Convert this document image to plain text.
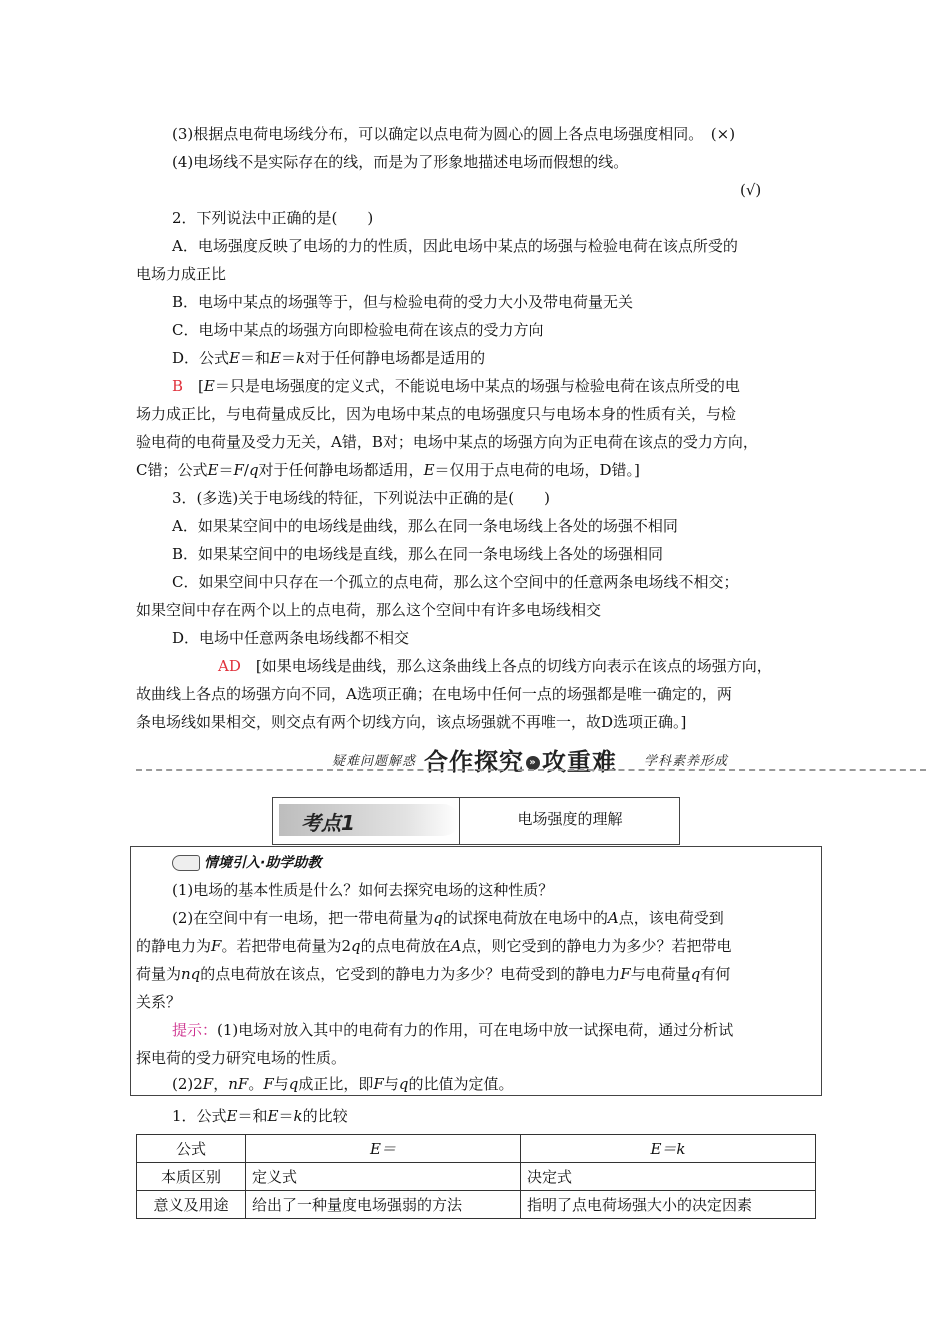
(3)根据点电荷电场线分布，可以确定以点电荷为圆心的圆上各点电场强度相同。　 (×)
(4)电场线不是实际存在的线，而是为了形象地描述电场而假想的线。
(√)
2．下列说法中正确的是(　　)
A．电场强度反映了电场的力的性质，因此电场中某点的场强与检验电荷在该点所受的
电场力成正比
B．电场中某点的场强等于，但与检验电荷的受力大小及带电荷量无关
C．电场中某点的场强方向即检验电荷在该点的受力方向
D．公式E＝和E＝k对于任何静电场都是适用的
B　 [E＝只是电场强度的定义式，不能说电场中某点的场强与检验电荷在该点所受的电
场力成正比，与电荷量成反比，因为电场中某点的电场强度只与电场本身的性质有关，与检
验电荷的电荷量及受力无关，A错，B对；电场中某点的场强方向为正电荷在该点的受力方向，
C错；公式E＝F/q对于任何静电场都适用，E＝仅用于点电荷的电场，D错。]
3．(多选)关于电场线的特征，下列说法中正确的是(　　)
A．如果某空间中的电场线是曲线，那么在同一条电场线上各处的场强不相同
B．如果某空间中的电场线是直线，那么在同一条电场线上各处的场强相同
C．如果空间中只存在一个孤立的点电荷，那么这个空间中的任意两条电场线不相交；
如果空间中存在两个以上的点电荷，那么这个空间中有许多电场线相交
D．电场中任意两条电场线都不相交
AD　 [如果电场线是曲线，那么这条曲线上各点的切线方向表示在该点的场强方向，
故曲线上各点的场强方向不同，A选项正确；在电场中任何一点的场强都是唯一确定的，两
条电场线如果相交，则交点有两个切线方向，该点场强就不再唯一，故D选项正确。]
疑难问题解惑 合作探究 » 攻重难 学科素养形成
考点1	电场强度的理解
情境引入·助学助教
(1)电场的基本性质是什么？如何去探究电场的这种性质？
(2)在空间中有一电场，把一带电荷量为q的试探电荷放在电场中的A点，该电荷受到
的静电力为F。若把带电荷量为2q的点电荷放在A点，则它受到的静电力为多少？若把带电
荷量为nq的点电荷放在该点，它受到的静电力为多少？电荷受到的静电力F与电荷量q有何
关系？
提示：(1)电场对放入其中的电荷有力的作用，可在电场中放一试探电荷，通过分析试
探电荷的受力研究电场的性质。
(2)2F，nF。F与q成正比，即F与q的比值为定值。
1．公式E＝和E＝k的比较
公式	E＝	E＝k
本质区别	定义式	决定式
意义及用途	给出了一种量度电场强弱的方法	指明了点电荷场强大小的决定因素
